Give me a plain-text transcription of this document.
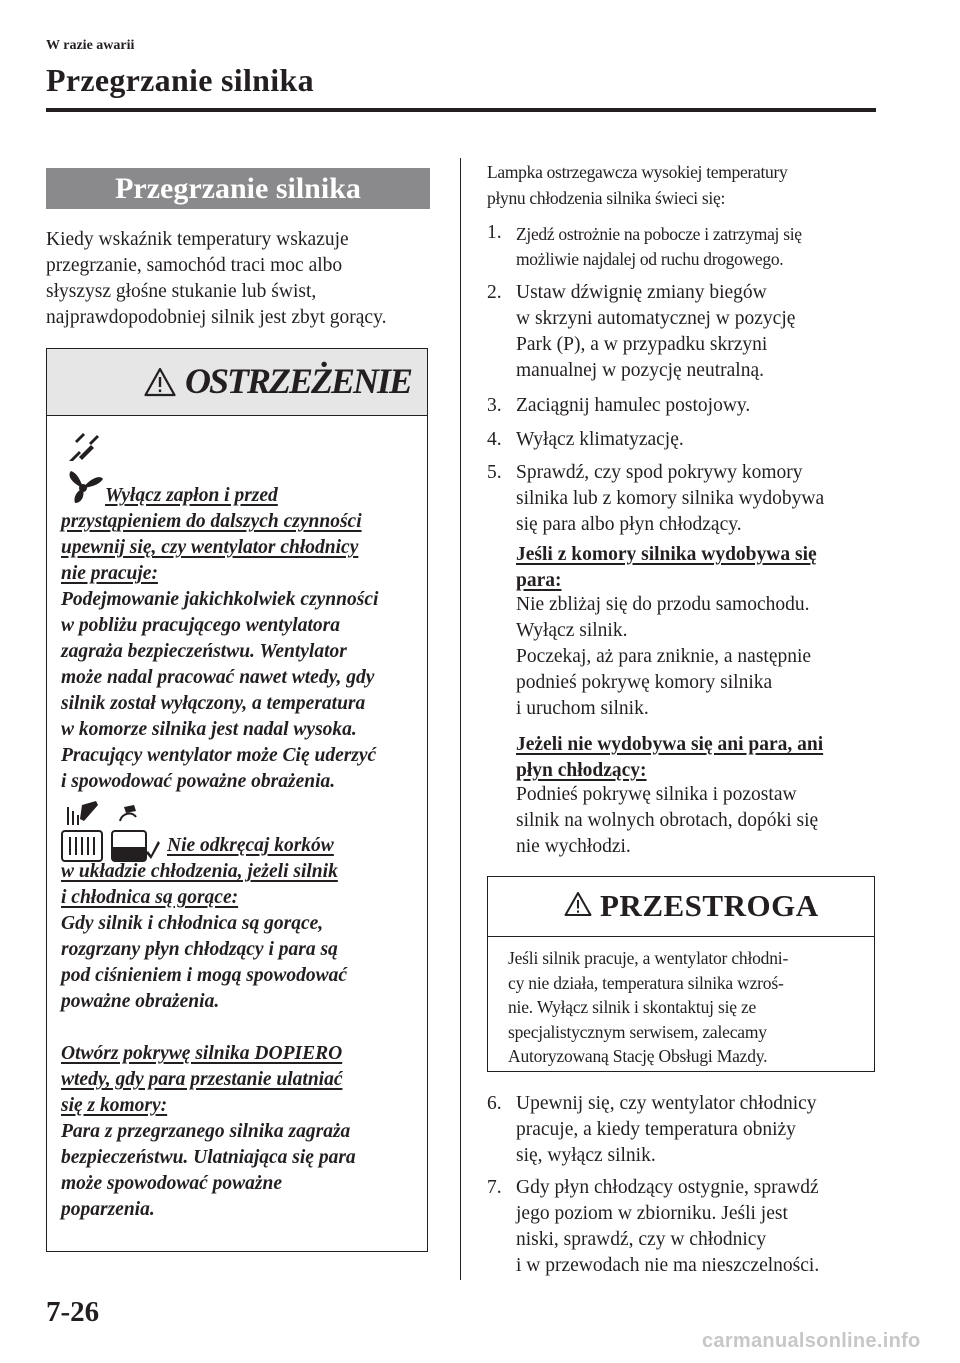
W razie awarii
Przegrzanie silnika
Przegrzanie silnika

Kiedy wskaźnik temperatury wskazuje

przegrzanie, samochód traci moc albo

słyszysz głośne stukanie lub świst,

najprawdopodobniej silnik jest zbyt gorący.

OSTRZEŻENIE

Wyłącz zapłon i przed

przystąpieniem do dalszych czynności

upewnij się, czy wentylator chłodnicy

nie pracuje:

Podejmowanie jakichkolwiek czynności

w pobliżu pracującego wentylatora

zagraża bezpieczeństwu. Wentylator

może nadal pracować nawet wtedy, gdy

silnik został wyłączony, a temperatura

w komorze silnika jest nadal wysoka.

Pracujący wentylator może Cię uderzyć

i spowodować poważne obrażenia.

Nie odkręcaj korków

w układzie chłodzenia, jeżeli silnik

i chłodnica są gorące:

Gdy silnik i chłodnica są gorące,

rozgrzany płyn chłodzący i para są

pod ciśnieniem i mogą spowodować

poważne obrażenia.

Otwórz pokrywę silnika DOPIERO

wtedy, gdy para przestanie ulatniać

się z komory:

Para z przegrzanego silnika zagraża

bezpieczeństwu. Ulatniająca się para

może spowodować poważne

poparzenia.

Lampka ostrzegawcza wysokiej temperatury

płynu chłodzenia silnika świeci się:

1. Zjedź ostrożnie na pobocze i zatrzymaj się

możliwie najdalej od ruchu drogowego.

2. Ustaw dźwignię zmiany biegów

w skrzyni automatycznej w pozycję

Park (P), a w przypadku skrzyni

manualnej w pozycję neutralną.

3. Zaciągnij hamulec postojowy.

4. Wyłącz klimatyzację.

5. Sprawdź, czy spod pokrywy komory

silnika lub z komory silnika wydobywa

się para albo płyn chłodzący.

Jeśli z komory silnika wydobywa się

para:

Nie zbliżaj się do przodu samochodu.

Wyłącz silnik.

Poczekaj, aż para zniknie, a następnie

podnieś pokrywę komory silnika

i uruchom silnik.

Jeżeli nie wydobywa się ani para, ani

płyn chłodzący:

Podnieś pokrywę silnika i pozostaw

silnik na wolnych obrotach, dopóki się

nie wychłodzi.

PRZESTROGA

Jeśli silnik pracuje, a wentylator chłodni-

cy nie działa, temperatura silnika wzroś-

nie. Wyłącz silnik i skontaktuj się ze

specjalistycznym serwisem, zalecamy

Autoryzowaną Stację Obsługi Mazdy.

6. Upewnij się, czy wentylator chłodnicy

pracuje, a kiedy temperatura obniży

się, wyłącz silnik.

7. Gdy płyn chłodzący ostygnie, sprawdź

jego poziom w zbiorniku. Jeśli jest

niski, sprawdź, czy w chłodnicy

i w przewodach nie ma nieszczelności.

7-26
carmanualsonline.info
